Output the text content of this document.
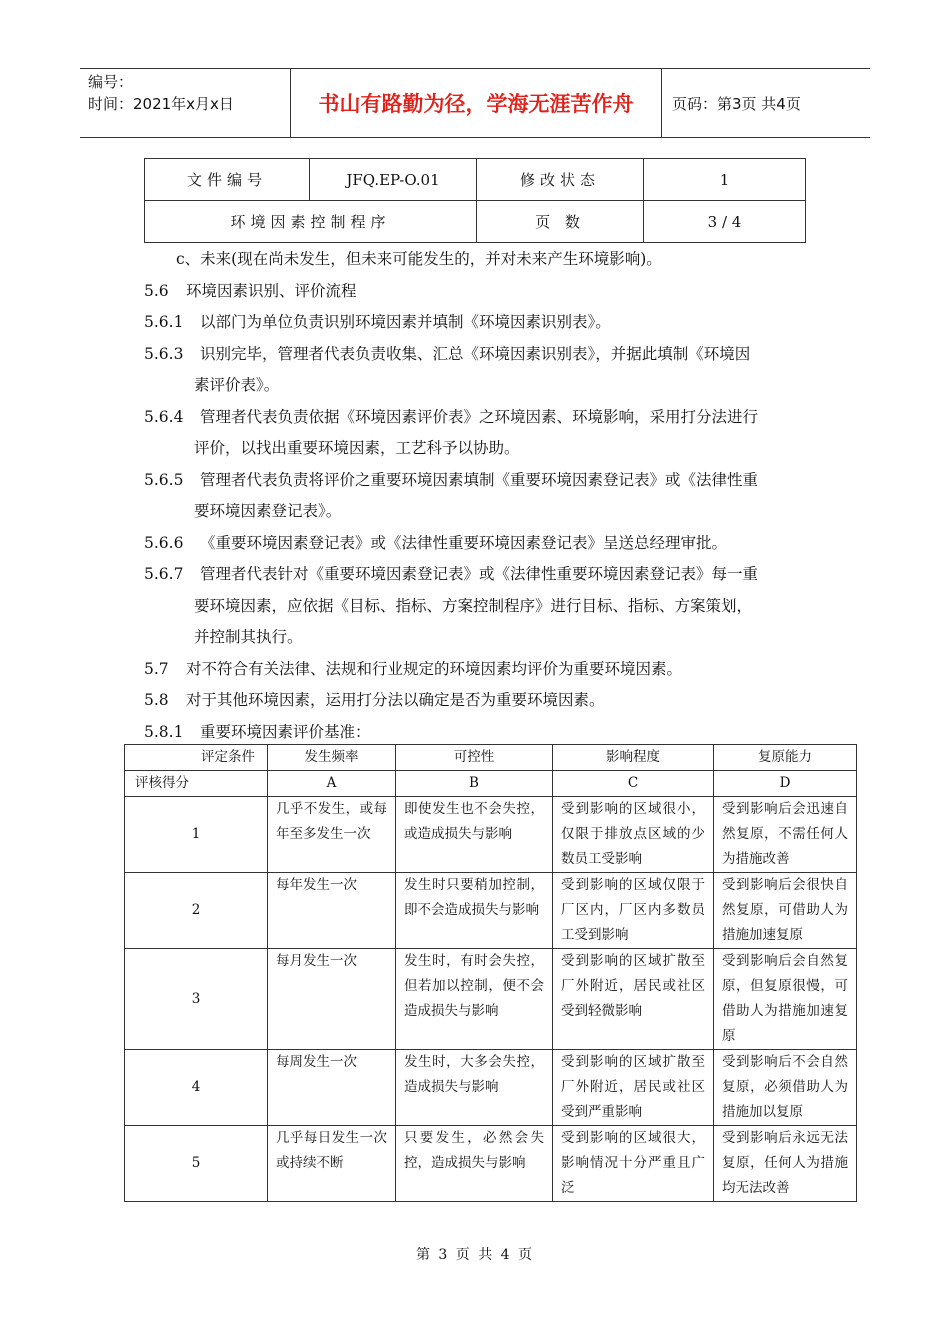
编号：
时间：2021年x月x日	书山有路勤为径，学海无涯苦作舟	页码：第3页 共4页
文件编号	JFQ.EP-O.01	修改状态	1
环境因素控制程序		页 数	3 / 4

c、未来(现在尚未发生，但未来可能发生的，并对未来产生环境影响)。

5.6 环境因素识别、评价流程

5.6.1 以部门为单位负责识别环境因素并填制《环境因素识别表》。

5.6.3 识别完毕，管理者代表负责收集、汇总《环境因素识别表》，并据此填制《环境因

素评价表》。

5.6.4 管理者代表负责依据《环境因素评价表》之环境因素、环境影响，采用打分法进行

评价，以找出重要环境因素，工艺科予以协助。

5.6.5 管理者代表负责将评价之重要环境因素填制《重要环境因素登记表》或《法律性重

要环境因素登记表》。

5.6.6 《重要环境因素登记表》或《法律性重要环境因素登记表》呈送总经理审批。

5.6.7 管理者代表针对《重要环境因素登记表》或《法律性重要环境因素登记表》每一重

要环境因素，应依据《目标、指标、方案控制程序》进行目标、指标、方案策划，

并控制其执行。

5.7 对不符合有关法律、法规和行业规定的环境因素均评价为重要环境因素。

5.8 对于其他环境因素，运用打分法以确定是否为重要环境因素。

5.8.1 重要环境因素评价基准：

评定条件	发生频率	可控性	影响程度	复原能力
评核得分	A	B	C	D
1	几乎不发生，或每年至多发生一次	即使发生也不会失控，或造成损失与影响	受到影响的区域很小，仅限于排放点区域的少数员工受影响	受到影响后会迅速自然复原，不需任何人为措施改善
2	每年发生一次	发生时只要稍加控制，即不会造成损失与影响	受到影响的区域仅限于厂区内，厂区内多数员工受到影响	受到影响后会很快自然复原，可借助人为措施加速复原
3	每月发生一次	发生时，有时会失控，但若加以控制，便不会造成损失与影响	受到影响的区域扩散至厂外附近，居民或社区受到轻微影响	受到影响后会自然复原，但复原很慢，可借助人为措施加速复原
4	每周发生一次	发生时，大多会失控，造成损失与影响	受到影响的区域扩散至厂外附近，居民或社区受到严重影响	受到影响后不会自然复原，必须借助人为措施加以复原
5	几乎每日发生一次或持续不断	只要发生，必然会失控，造成损失与影响	受到影响的区域很大，影响情况十分严重且广泛	受到影响后永远无法复原，任何人为措施均无法改善
第 3 页 共 4 页
